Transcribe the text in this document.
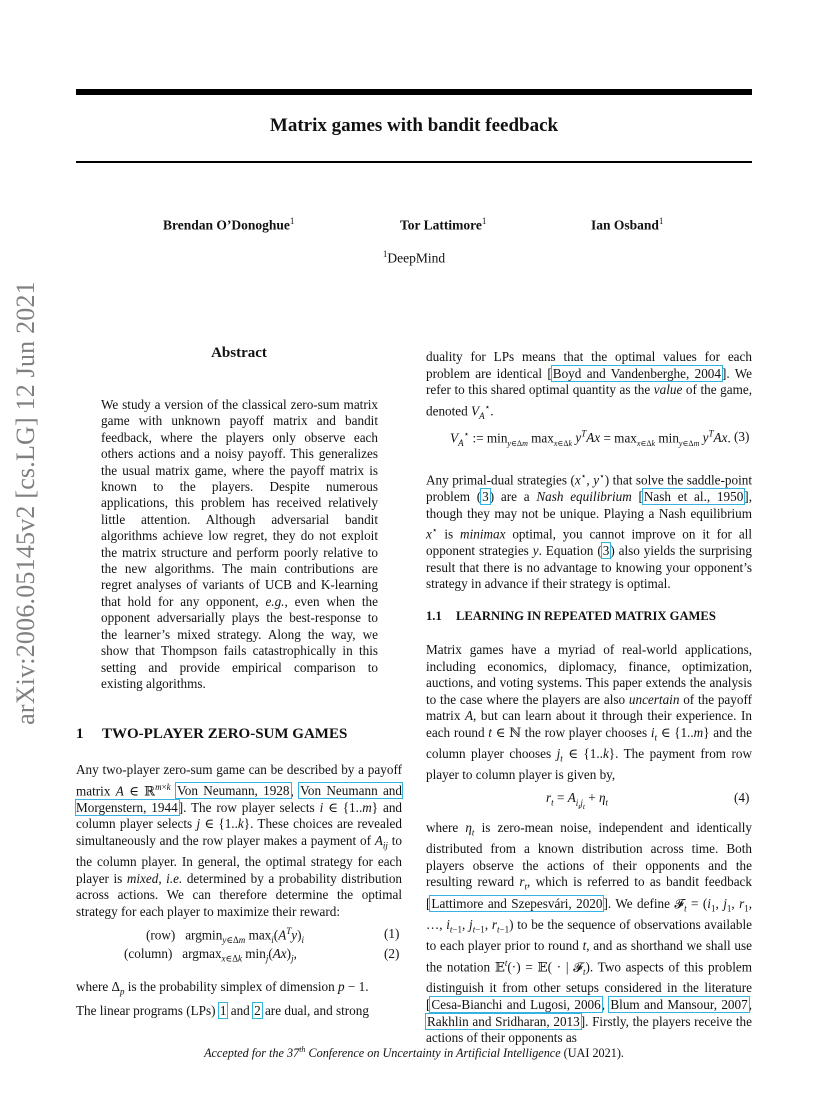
Matrix games with bandit feedback
Brendan O’Donoghue$^1$	Tor Lattimore$^1$	Ian Osband$^1$
$^1$DeepMind
arXiv:2006.05145v2 [cs.LG] 12 Jun 2021	Abstract
We study a version of the classical zero-sum matrix game with unknown payoff matrix and bandit feedback, where the players only observe each others actions and a noisy payoff. This generalizes the usual matrix game, where the payoff matrix is known to the players. Despite numerous applications, this problem has received relatively little attention. Although adversarial bandit algorithms achieve low regret, they do not exploit the matrix structure and perform poorly relative to the new algorithms. The main contributions are regret analyses of variants of UCB and K-learning that hold for any opponent, e.g., even when the opponent adversarially plays the best-response to the learner’s mixed strategy. Along the way, we show that Thompson fails catastrophically in this setting and provide empirical comparison to existing algorithms.
1 TWO-PLAYER ZERO-SUM GAMES
Any two-player zero-sum game can be described by a payoff matrix A ∈ ℝ$^{m\times k}$ Von Neumann, 1928, Von Neumann and Morgenstern, 1944]. The row player selects i ∈ {1..m} and column player selects j ∈ {1..k}. These choices are revealed simultaneously and the row player makes a payment of $A_{ij}$ to the column player. In general, the optimal strategy for each player is mixed, i.e. determined by a probability distribution across actions. We can therefore determine the optimal strategy for each player to maximize their reward:
(row)   argmin$_{y\in\Delta m}$ $\max_i(A^Ty)_i$	(1)
(column)   argmax$_{x\in\Delta k}$ $\min_j(Ax)_j$,	(2)
where $\Delta_p$ is the probability simplex of dimension p − 1.
The linear programs (LPs) 1 and 2 are dual, and strong
duality for LPs means that the optimal values for each problem are identical [Boyd and Vandenberghe, 2004]. We refer to this shared optimal quantity as the value of the game, denoted $V_A^⋆$.
$V_A^⋆$ := $\min_{y\in\Delta m} \max_{x\in\Delta k} y^TAx = \max_{x\in\Delta k} \min_{y\in\Delta m} y^TAx$. (3)
Any primal-dual strategies (x⋆, y⋆) that solve the saddle-point problem (3) are a Nash equilibrium [Nash et al., 1950], though they may not be unique. Playing a Nash equilibrium x⋆ is minimax optimal, you cannot improve on it for all opponent strategies y. Equation (3) also yields the surprising result that there is no advantage to knowing your opponent’s strategy in advance if their strategy is optimal.
1.1 LEARNING IN REPEATED MATRIX GAMES
Matrix games have a myriad of real-world applications, including economics, diplomacy, finance, optimization, auctions, and voting systems. This paper extends the analysis to the case where the players are also uncertain of the payoff matrix A, but can learn about it through their experience. In each round t ∈ ℕ the row player chooses $i_t$ ∈ {1..m} and the column player chooses $j_t$ ∈ {1..k}. The payment from row player to column player is given by,
$r_t = A_{i_tj_t} + \eta_t$	(4)
where $\eta_t$ is zero-mean noise, independent and identically distributed from a known distribution across time. Both players observe the actions of their opponents and the resulting reward $r_t$, which is referred to as bandit feedback [Lattimore and Szepesvári, 2020]. We define 𝓕$_t$ = ($i_1$, $j_1$, $r_1$, …, $i_{t-1}$, $j_{t-1}$, $r_{t-1}$) to be the sequence of observations available to each player prior to round t, and as shorthand we shall use the notation 𝔼$^t$(·) = 𝔼( · | 𝓕$_t$). Two aspects of this problem distinguish it from other setups considered in the literature [Cesa-Bianchi and Lugosi, 2006, Blum and Mansour, 2007, Rakhlin and Sridharan, 2013]. Firstly, the players receive the actions of their opponents as
Accepted for the 37th Conference on Uncertainty in Artificial Intelligence (UAI 2021).
